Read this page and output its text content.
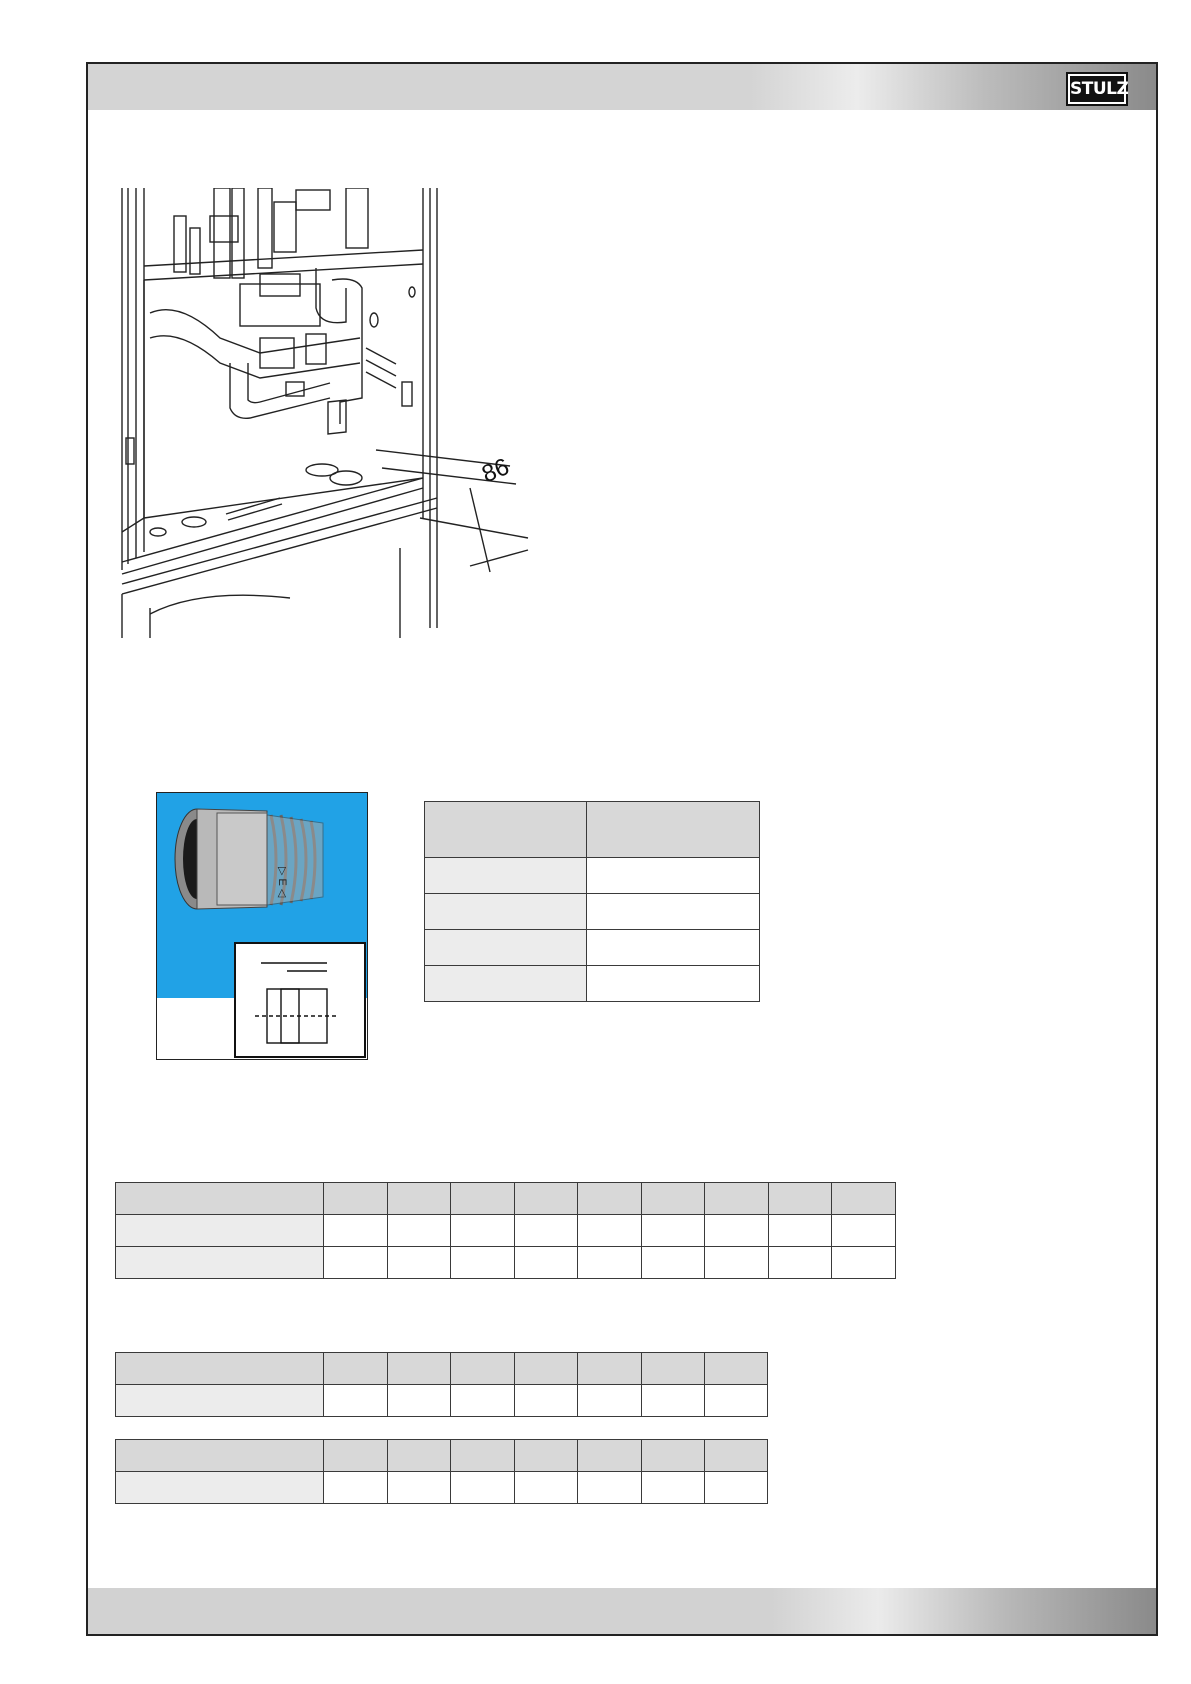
STULZ
86
▷ E ◁
